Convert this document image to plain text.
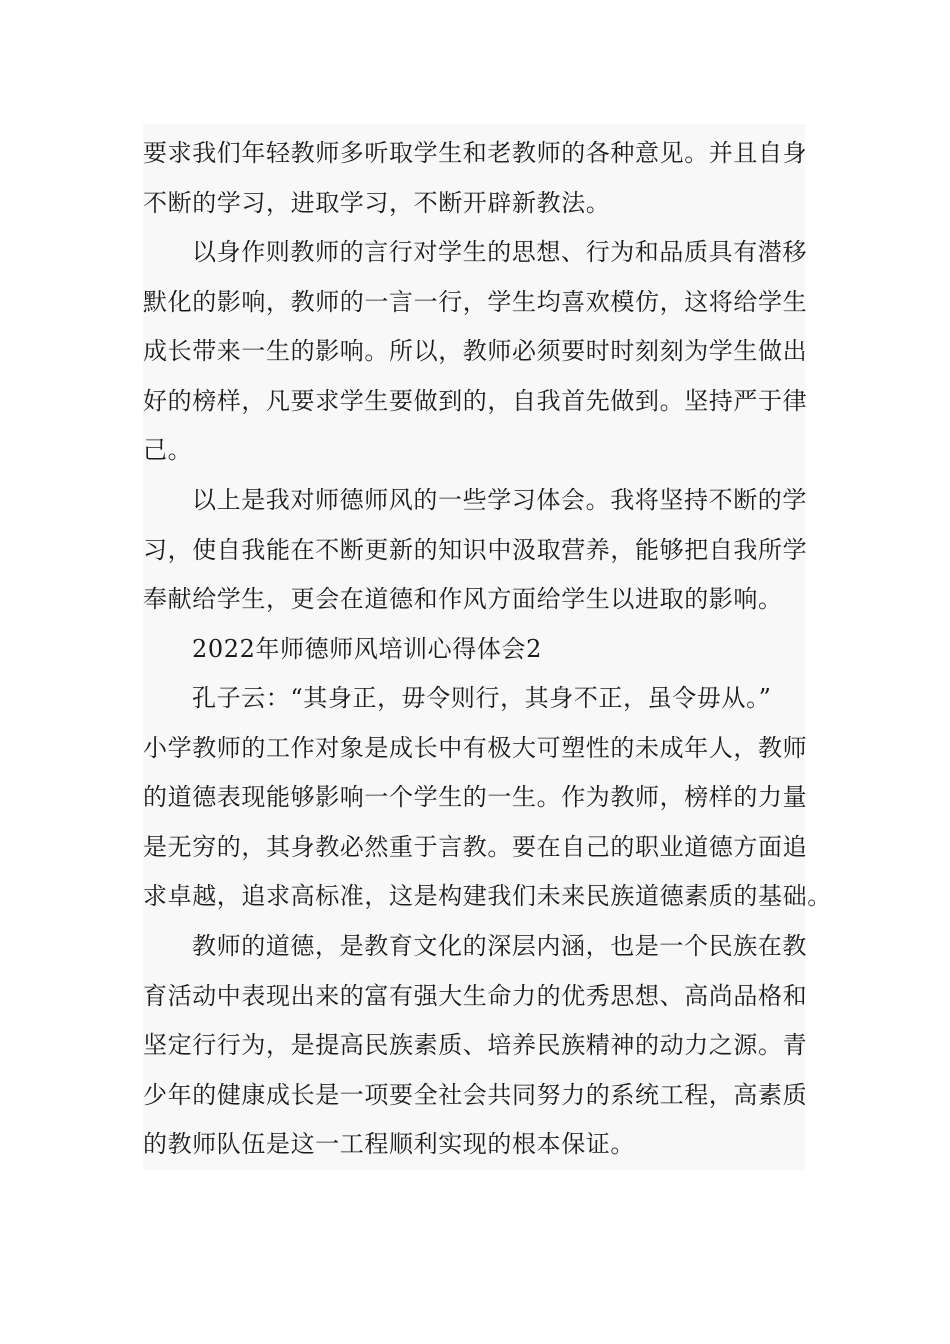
要求我们年轻教师多听取学生和老教师的各种意见。并且自身
不断的学习，进取学习，不断开辟新教法。
以身作则教师的言行对学生的思想、行为和品质具有潜移
默化的影响，教师的一言一行，学生均喜欢模仿，这将给学生
成长带来一生的影响。所以，教师必须要时时刻刻为学生做出
好的榜样，凡要求学生要做到的，自我首先做到。坚持严于律
己。
以上是我对师德师风的一些学习体会。我将坚持不断的学
习，使自我能在不断更新的知识中汲取营养，能够把自我所学
奉献给学生，更会在道德和作风方面给学生以进取的影响。
2022年师德师风培训心得体会2
孔子云：“其身正，毋令则行，其身不正，虽令毋从。”
小学教师的工作对象是成长中有极大可塑性的未成年人，教师
的道德表现能够影响一个学生的一生。作为教师，榜样的力量
是无穷的，其身教必然重于言教。要在自己的职业道德方面追
求卓越，追求高标准，这是构建我们未来民族道德素质的基础。
教师的道德，是教育文化的深层内涵，也是一个民族在教
育活动中表现出来的富有强大生命力的优秀思想、高尚品格和
坚定行行为，是提高民族素质、培养民族精神的动力之源。青
少年的健康成长是一项要全社会共同努力的系统工程，高素质
的教师队伍是这一工程顺利实现的根本保证。
